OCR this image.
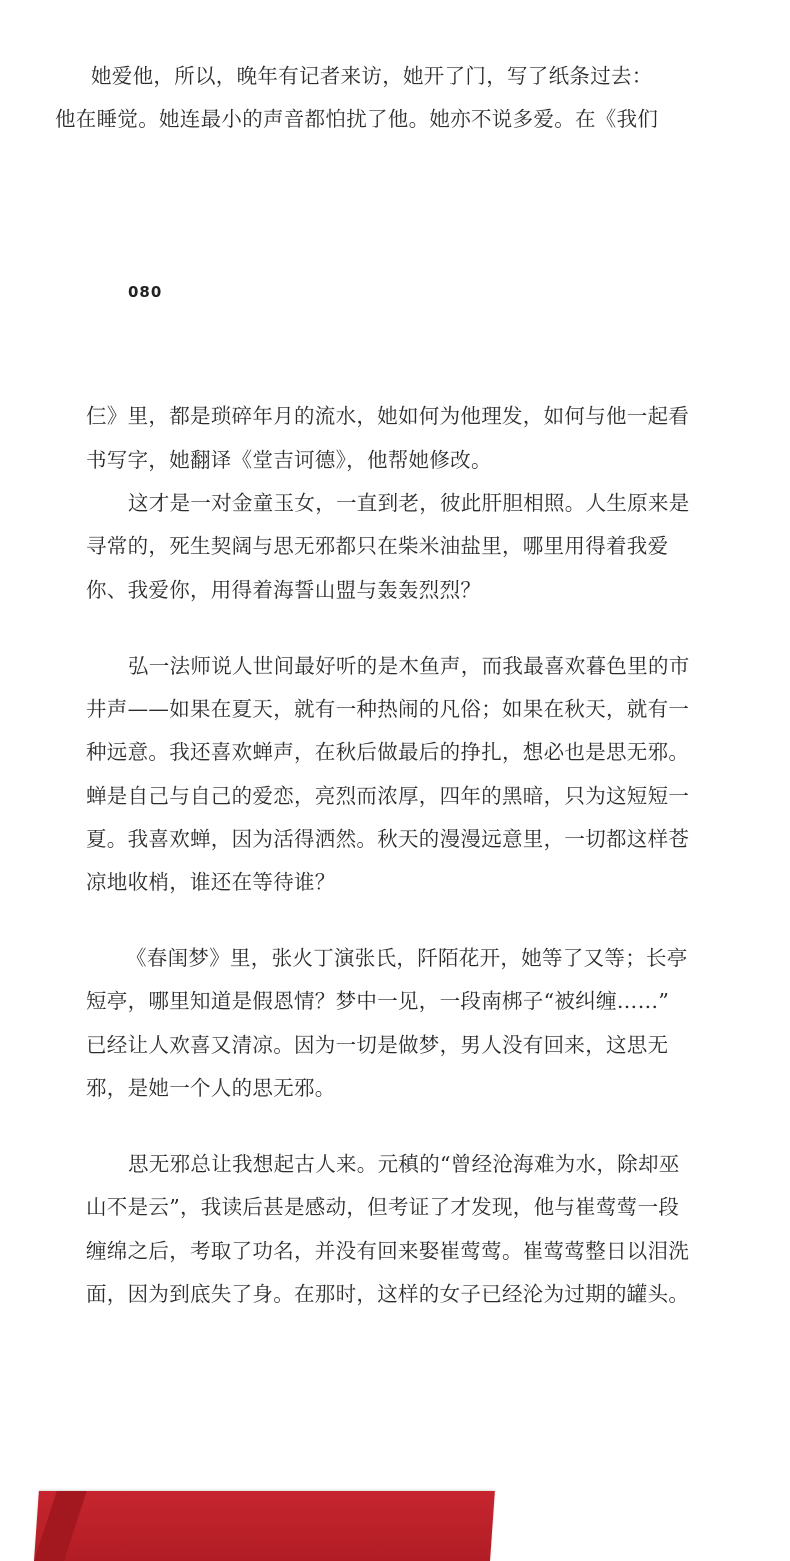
她爱他，所以，晚年有记者来访，她开了门，写了纸条过去：
他在睡觉。她连最小的声音都怕扰了他。她亦不说多爱。在《我们
080
仨》里，都是琐碎年月的流水，她如何为他理发，如何与他一起看
书写字，她翻译《堂吉诃德》，他帮她修改。
这才是一对金童玉女，一直到老，彼此肝胆相照。人生原来是
寻常的，死生契阔与思无邪都只在柴米油盐里，哪里用得着我爱
你、我爱你，用得着海誓山盟与轰轰烈烈？
弘一法师说人世间最好听的是木鱼声，而我最喜欢暮色里的市
井声——如果在夏天，就有一种热闹的凡俗；如果在秋天，就有一
种远意。我还喜欢蝉声，在秋后做最后的挣扎，想必也是思无邪。
蝉是自己与自己的爱恋，亮烈而浓厚，四年的黑暗，只为这短短一
夏。我喜欢蝉，因为活得洒然。秋天的漫漫远意里，一切都这样苍
凉地收梢，谁还在等待谁？
《春闺梦》里，张火丁演张氏，阡陌花开，她等了又等；长亭
短亭，哪里知道是假恩情？梦中一见，一段南梆子“被纠缠……”
已经让人欢喜又清凉。因为一切是做梦，男人没有回来，这思无
邪，是她一个人的思无邪。
思无邪总让我想起古人来。元稹的“曾经沧海难为水，除却巫
山不是云”，我读后甚是感动，但考证了才发现，他与崔莺莺一段
缠绵之后，考取了功名，并没有回来娶崔莺莺。崔莺莺整日以泪洗
面，因为到底失了身。在那时，这样的女子已经沦为过期的罐头。
